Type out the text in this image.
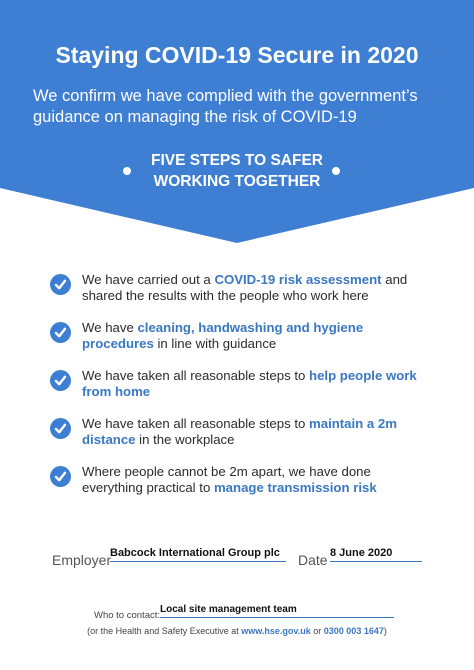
Staying COVID-19 Secure in 2020
We confirm we have complied with the government’s guidance on managing the risk of COVID-19
FIVE STEPS TO SAFER
WORKING TOGETHER
We have carried out a COVID-19 risk assessment and shared the results with the people who work here
We have cleaning, handwashing and hygiene procedures in line with guidance
We have taken all reasonable steps to help people work from home
We have taken all reasonable steps to maintain a 2m distance in the workplace
Where people cannot be 2m apart, we have done everything practical to manage transmission risk
Employer
Babcock International Group plc	Date 8 June 2020
Who to contact:
Local site management team
(or the Health and Safety Executive at www.hse.gov.uk or 0300 003 1647)
